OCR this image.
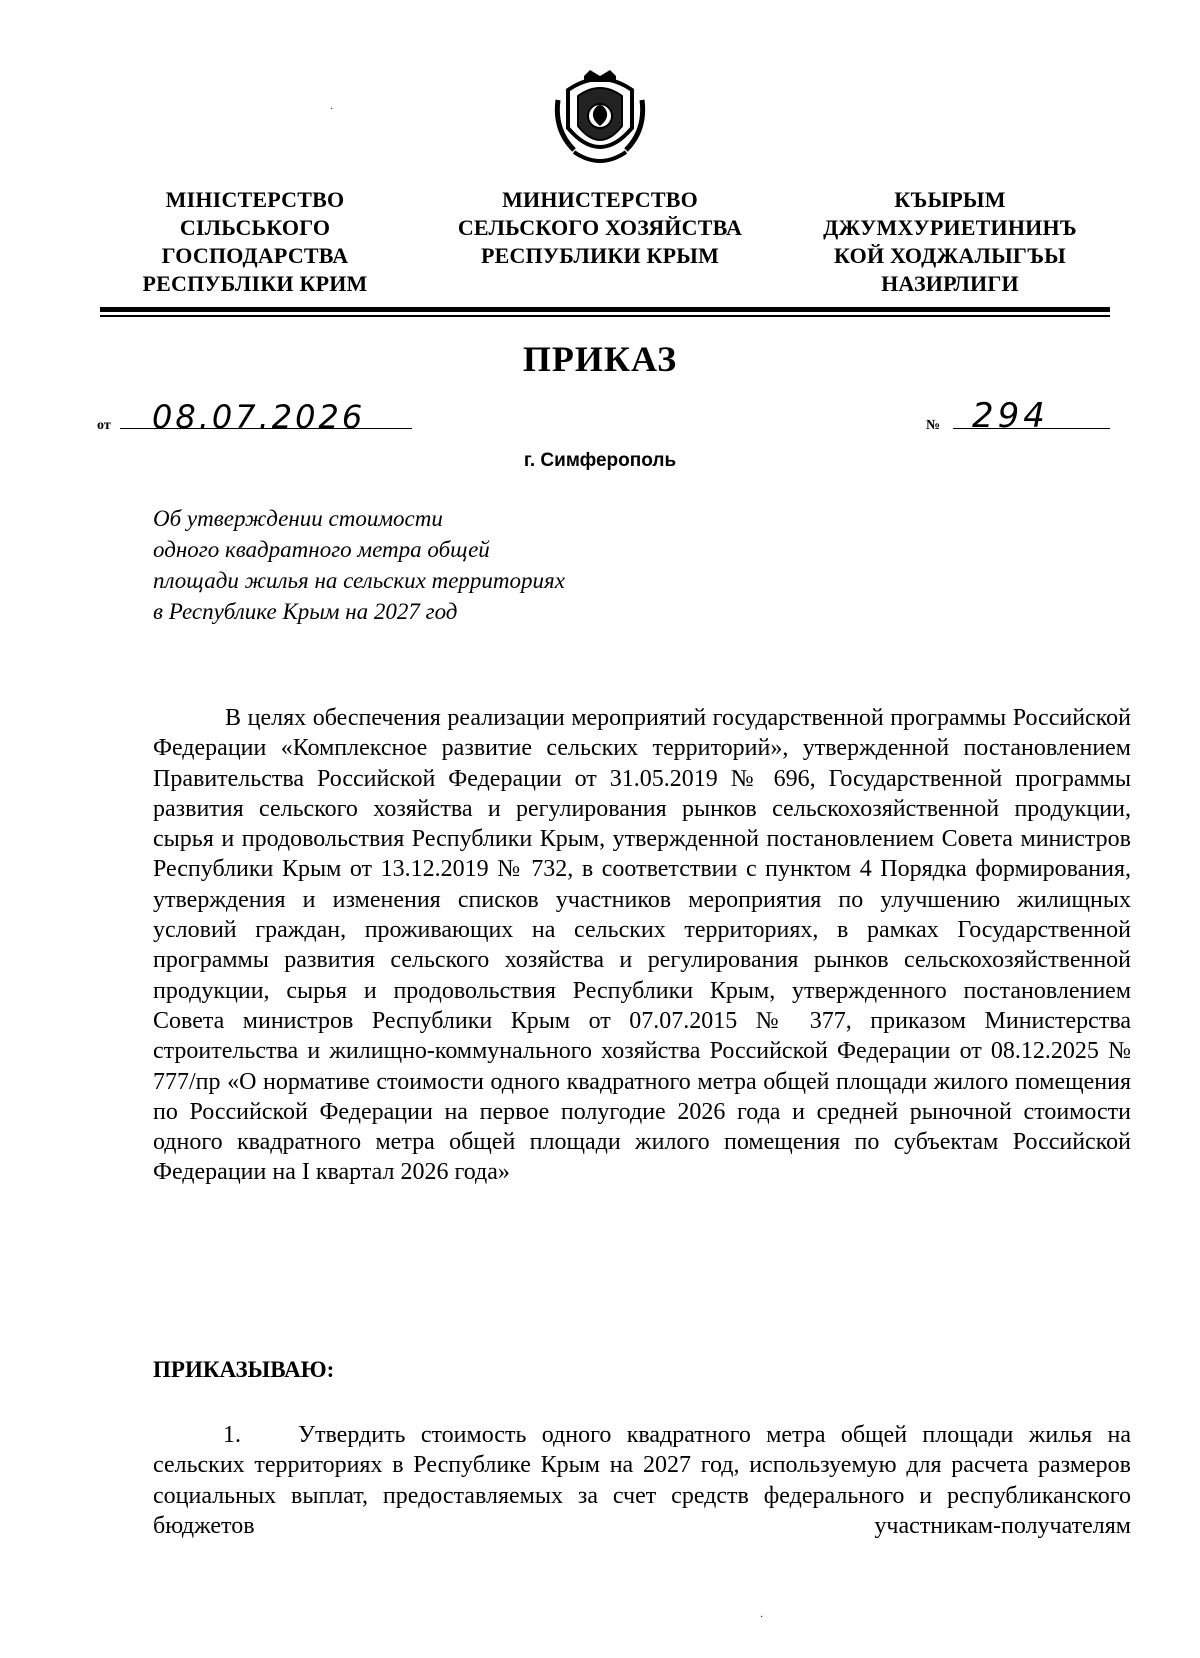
МІНІСТЕРСТВО
СІЛЬСЬКОГО
ГОСПОДАРСТВА
РЕСПУБЛІКИ КРИМ
МИНИСТЕРСТВО
СЕЛЬСКОГО ХОЗЯЙСТВА
РЕСПУБЛИКИ КРЫМ
КЪЫРЫМ
ДЖУМХУРИЕТИНИНЪ
КОЙ ХОДЖАЛЫГЪЫ
НАЗИРЛИГИ
ПРИКАЗ
от 08.07.2026	№ 294
г. Симферополь
Об утверждении стоимости
одного квадратного метра общей
площади жилья на сельских территориях
в Республике Крым на 2027 год
В целях обеспечения реализации мероприятий государственной программы Российской Федерации «Комплексное развитие сельских территорий», утвержденной постановлением Правительства Российской Федерации от 31.05.2019 № 696, Государственной программы развития сельского хозяйства и регулирования рынков сельскохозяйственной продукции, сырья и продовольствия Республики Крым, утвержденной постановлением Совета министров Республики Крым от 13.12.2019 № 732, в соответствии с пунктом 4 Порядка формирования, утверждения и изменения списков участников мероприятия по улучшению жилищных условий граждан, проживающих на сельских территориях, в рамках Государственной программы развития сельского хозяйства и регулирования рынков сельскохозяйственной продукции, сырья и продовольствия Республики Крым, утвержденного постановлением Совета министров Республики Крым от 07.07.2015 № 377, приказом Министерства строительства и жилищно-коммунального хозяйства Российской Федерации от 08.12.2025 № 777/пр «О нормативе стоимости одного квадратного метра общей площади жилого помещения по Российской Федерации на первое полугодие 2026 года и средней рыночной стоимости одного квадратного метра общей площади жилого помещения по субъектам Российской Федерации на I квартал 2026 года»
ПРИКАЗЫВАЮ:
1. Утвердить стоимость одного квадратного метра общей площади жилья на сельских территориях в Республике Крым на 2027 год, используемую для расчета размеров социальных выплат, предоставляемых за счет средств федерального и республиканского бюджетов участникам-получателям
·
·
